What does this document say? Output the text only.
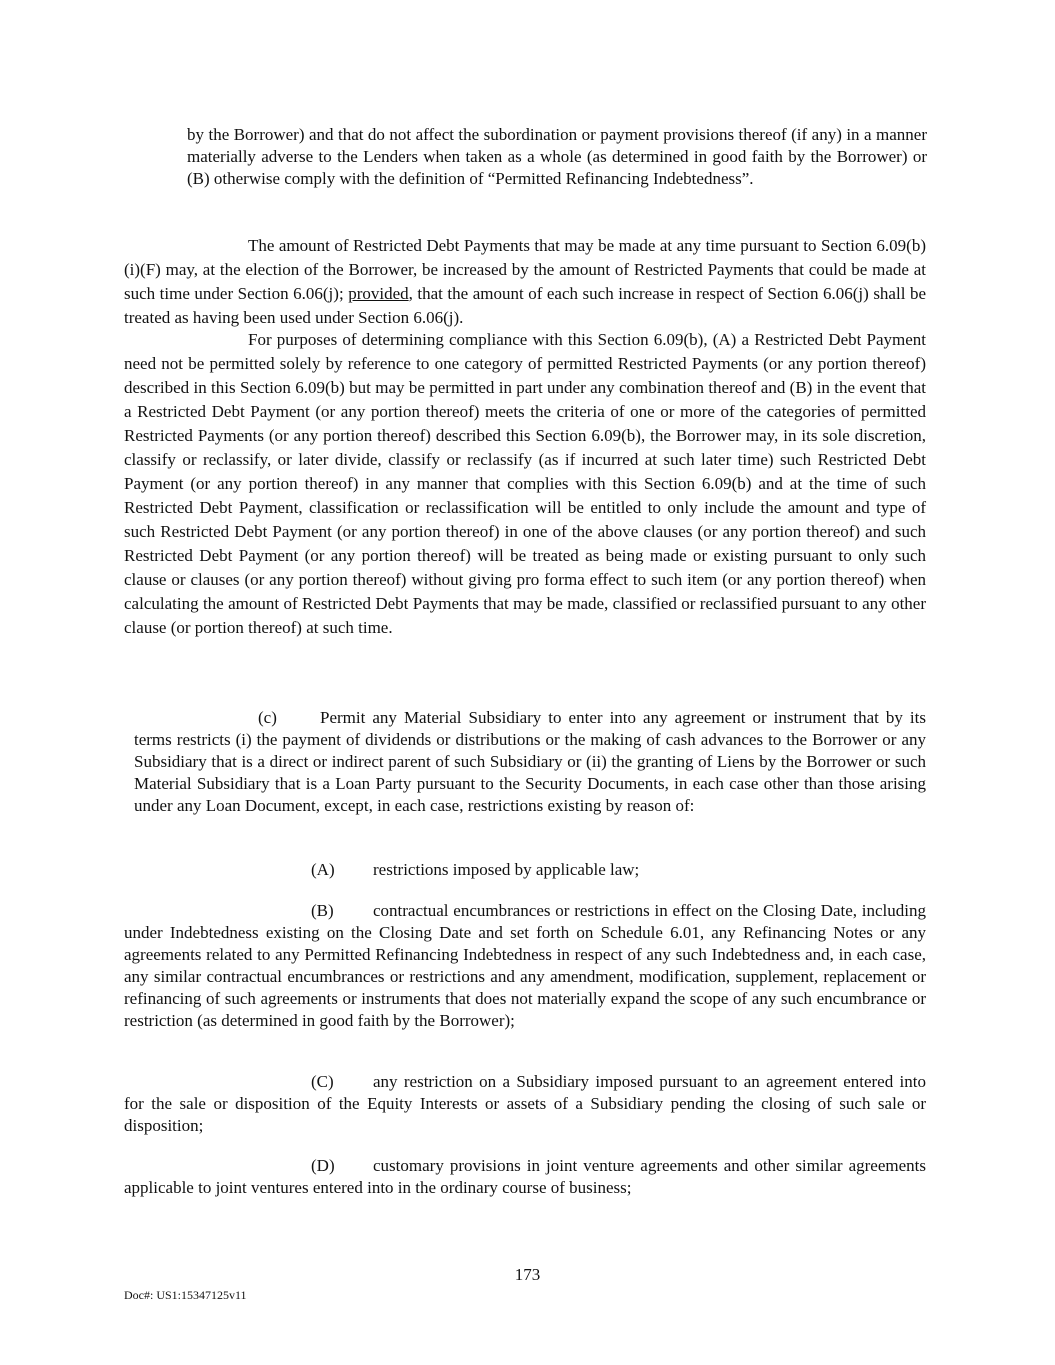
by the Borrower) and that do not affect the subordination or payment provisions thereof (if any) in a manner materially adverse to the Lenders when taken as a whole (as determined in good faith by the Borrower) or (B) otherwise comply with the definition of “Permitted Refinancing Indebtedness”.

The amount of Restricted Debt Payments that may be made at any time pursuant to Section 6.09(b)(i)(F) may, at the election of the Borrower, be increased by the amount of Restricted Payments that could be made at such time under Section 6.06(j); provided, that the amount of each such increase in respect of Section 6.06(j) shall be treated as having been used under Section 6.06(j).

For purposes of determining compliance with this Section 6.09(b), (A) a Restricted Debt Payment need not be permitted solely by reference to one category of permitted Restricted Payments (or any portion thereof) described in this Section 6.09(b) but may be permitted in part under any combination thereof and (B) in the event that a Restricted Debt Payment (or any portion thereof) meets the criteria of one or more of the categories of permitted Restricted Payments (or any portion thereof) described this Section 6.09(b), the Borrower may, in its sole discretion, classify or reclassify, or later divide, classify or reclassify (as if incurred at such later time) such Restricted Debt Payment (or any portion thereof) in any manner that complies with this Section 6.09(b) and at the time of such Restricted Debt Payment, classification or reclassification will be entitled to only include the amount and type of such Restricted Debt Payment (or any portion thereof) in one of the above clauses (or any portion thereof) and such Restricted Debt Payment (or any portion thereof) will be treated as being made or existing pursuant to only such clause or clauses (or any portion thereof) without giving pro forma effect to such item (or any portion thereof) when calculating the amount of Restricted Debt Payments that may be made, classified or reclassified pursuant to any other clause (or portion thereof) at such time.

(c)	Permit any Material Subsidiary to enter into any agreement or instrument that by its terms restricts (i) the payment of dividends or distributions or the making of cash advances to the Borrower or any Subsidiary that is a direct or indirect parent of such Subsidiary or (ii) the granting of Liens by the Borrower or such Material Subsidiary that is a Loan Party pursuant to the Security Documents, in each case other than those arising under any Loan Document, except, in each case, restrictions existing by reason of:

(A) restrictions imposed by applicable law;

(B) contractual encumbrances or restrictions in effect on the Closing Date, including under Indebtedness existing on the Closing Date and set forth on Schedule 6.01, any Refinancing Notes or any agreements related to any Permitted Refinancing Indebtedness in respect of any such Indebtedness and, in each case, any similar contractual encumbrances or restrictions and any amendment, modification, supplement, replacement or refinancing of such agreements or instruments that does not materially expand the scope of any such encumbrance or restriction (as determined in good faith by the Borrower);

(C) any restriction on a Subsidiary imposed pursuant to an agreement entered into for the sale or disposition of the Equity Interests or assets of a Subsidiary pending the closing of such sale or disposition;

(D) customary provisions in joint venture agreements and other similar agreements applicable to joint ventures entered into in the ordinary course of business;

173
Doc#: US1:15347125v11
